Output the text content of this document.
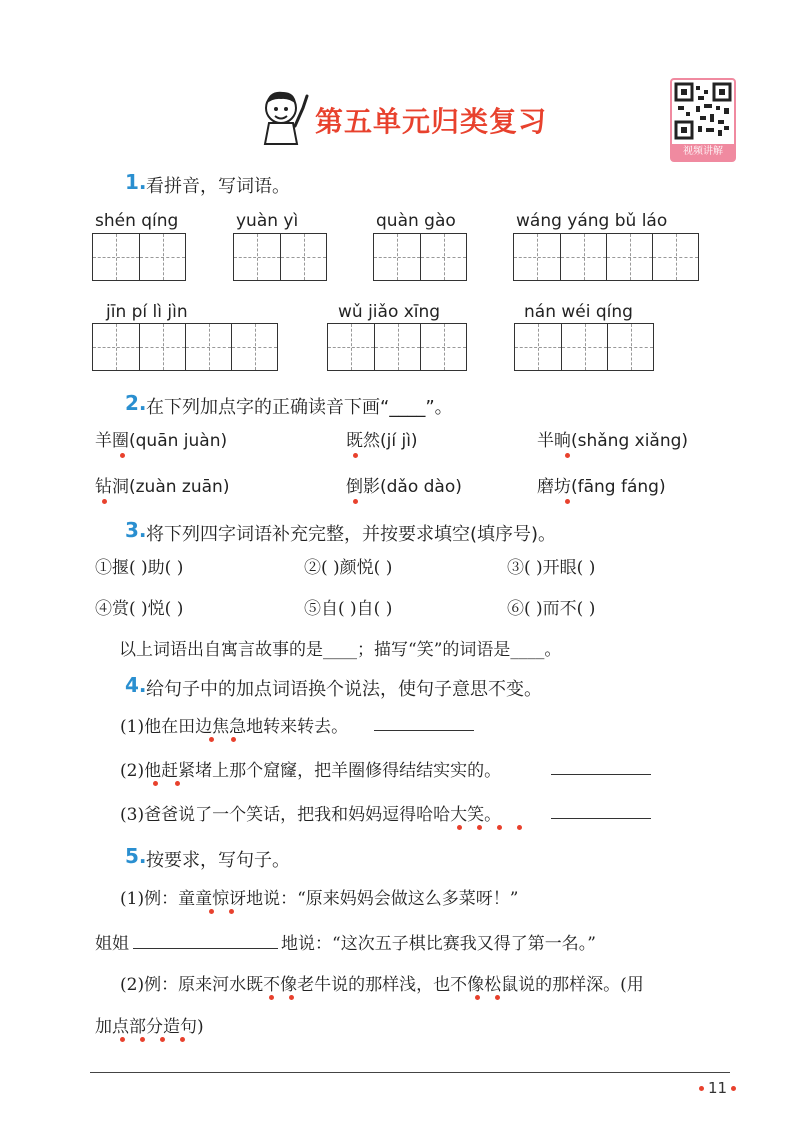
第五单元归类复习
视频讲解
1. 看拼音，写词语。
shén qíng	yuàn yì	quàn gào	wáng yáng bǔ láo
jīn pí lì jìn	wǔ jiǎo xīng	nán wéi qíng
2. 在下列加点字的正确读音下画“____”。
羊圈(quān juàn)	既然(jí jì)	半晌(shǎng xiǎng)
钻洞(zuàn zuān)	倒影(dǎo dào)	磨坊(fāng fáng)
3. 将下列四字词语补充完整，并按要求填空(填序号)。
①揠( )助( )	②( )颜悦( )	③( )开眼( )
④赏( )悦( )	⑤自( )自( )	⑥( )而不( )
以上词语出自寓言故事的是____；描写“笑”的词语是____。
4. 给句子中的加点词语换个说法，使句子意思不变。
(1)他在田边焦急地转来转去。
(2)他赶紧堵上那个窟窿，把羊圈修得结结实实的。
(3)爸爸说了一个笑话，把我和妈妈逗得哈哈大笑。
5. 按要求，写句子。
(1)例：童童惊讶地说：“原来妈妈会做这么多菜呀！”
姐姐	地说：“这次五子棋比赛我又得了第一名。”
(2)例：原来河水既不像老牛说的那样浅，也不像松鼠说的那样深。(用
加点部分造句)
11
